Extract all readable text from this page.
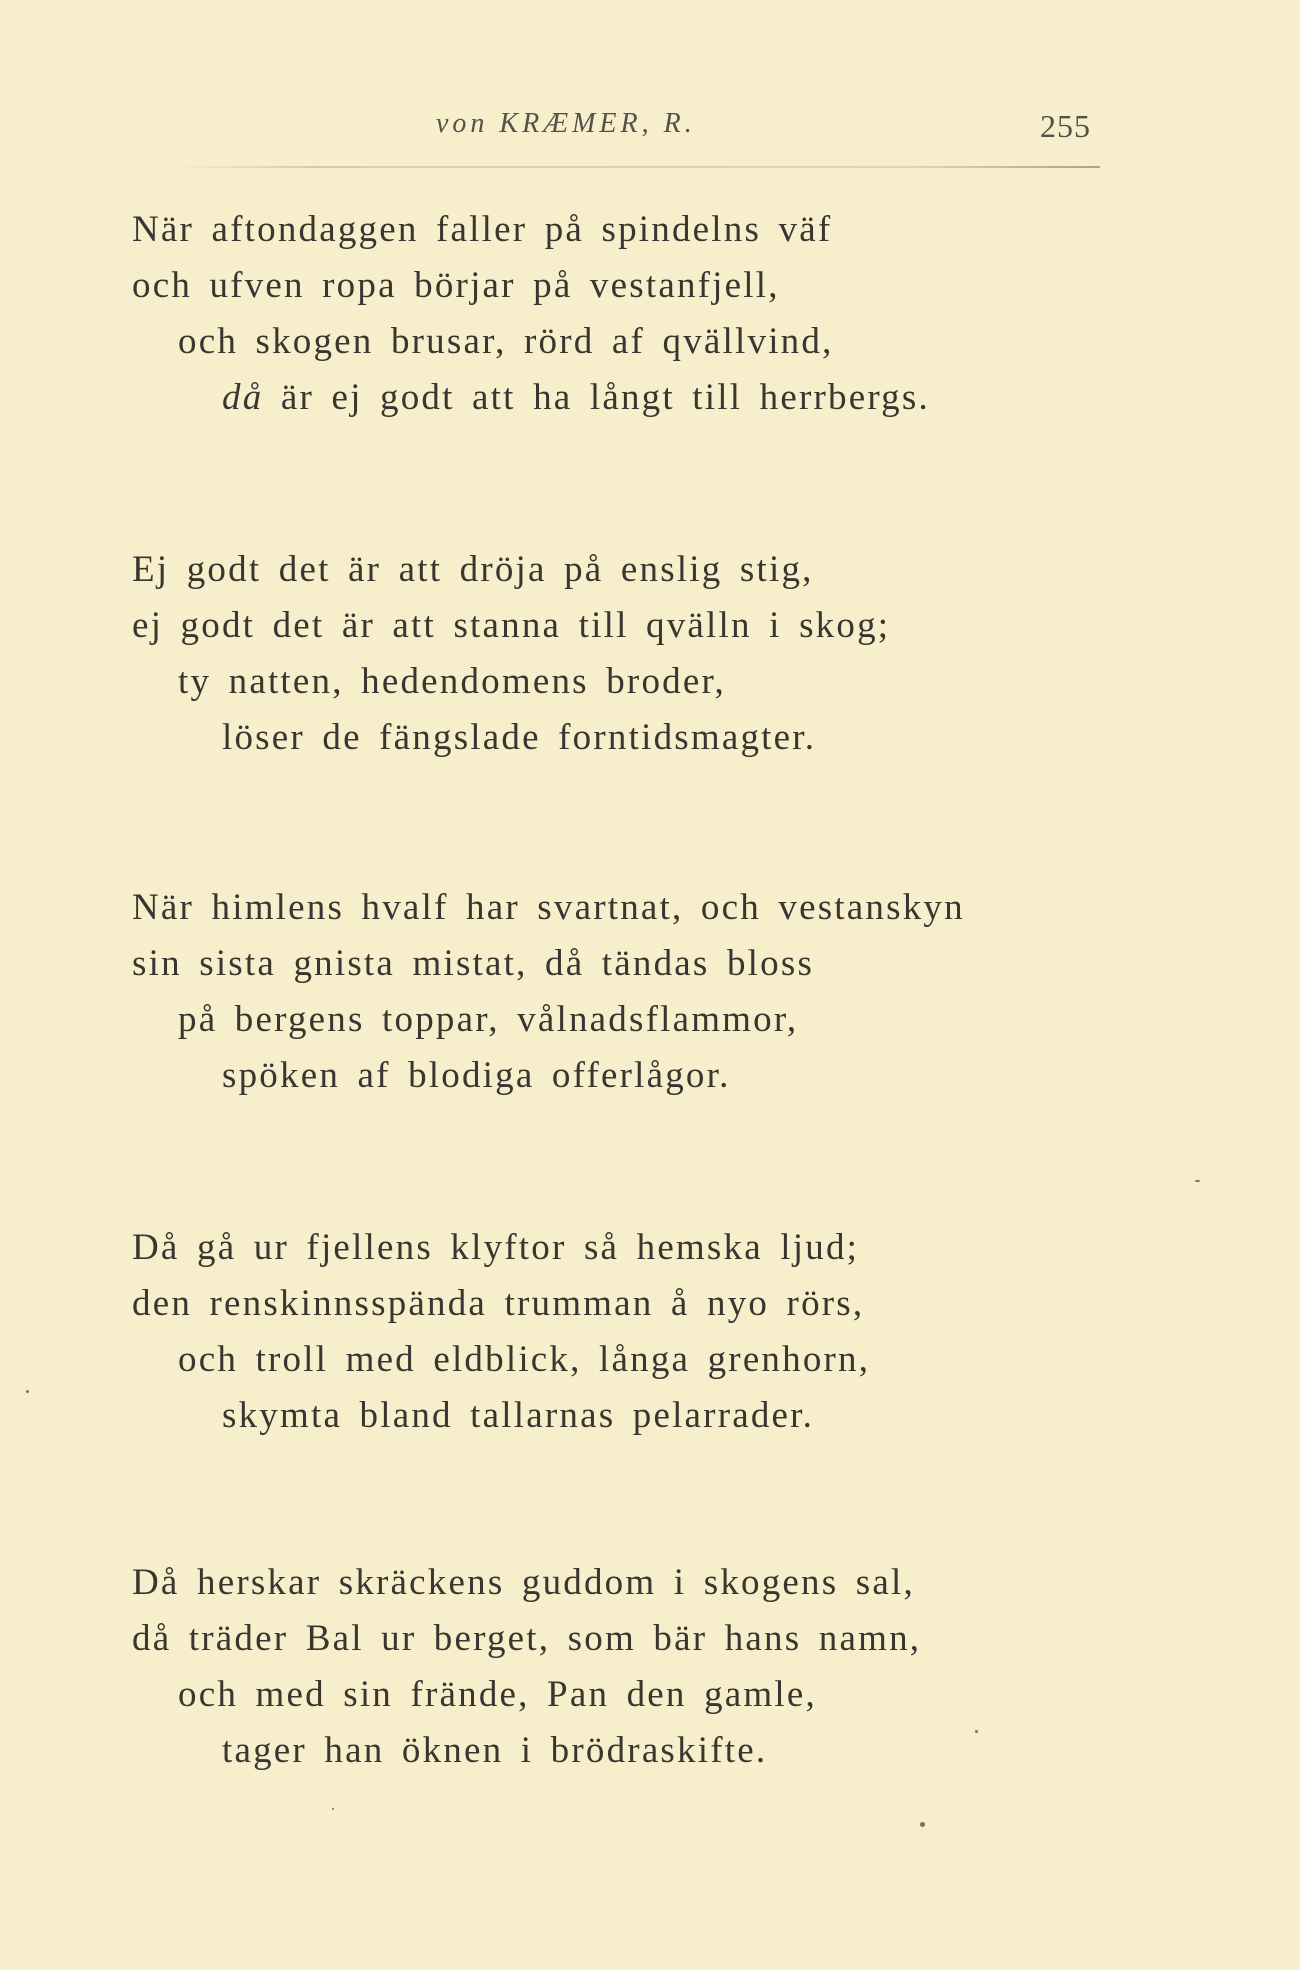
von KRÆMER, R.	255
När aftondaggen faller på spindelns väf
och ufven ropa börjar på vestanfjell,
och skogen brusar, rörd af qvällvind,
då är ej godt att ha långt till herrbergs.
Ej godt det är att dröja på enslig stig,
ej godt det är att stanna till qvälln i skog;
ty natten, hedendomens broder,
löser de fängslade forntidsmagter.
När himlens hvalf har svartnat, och vestanskyn
sin sista gnista mistat, då tändas bloss
på bergens toppar, vålnadsflammor,
spöken af blodiga offerlågor.
Då gå ur fjellens klyftor så hemska ljud;
den renskinnsspända trumman å nyo rörs,
och troll med eldblick, långa grenhorn,
skymta bland tallarnas pelarrader.
Då herskar skräckens guddom i skogens sal,
då träder Bal ur berget, som bär hans namn,
och med sin frände, Pan den gamle,
tager han öknen i brödraskifte.
